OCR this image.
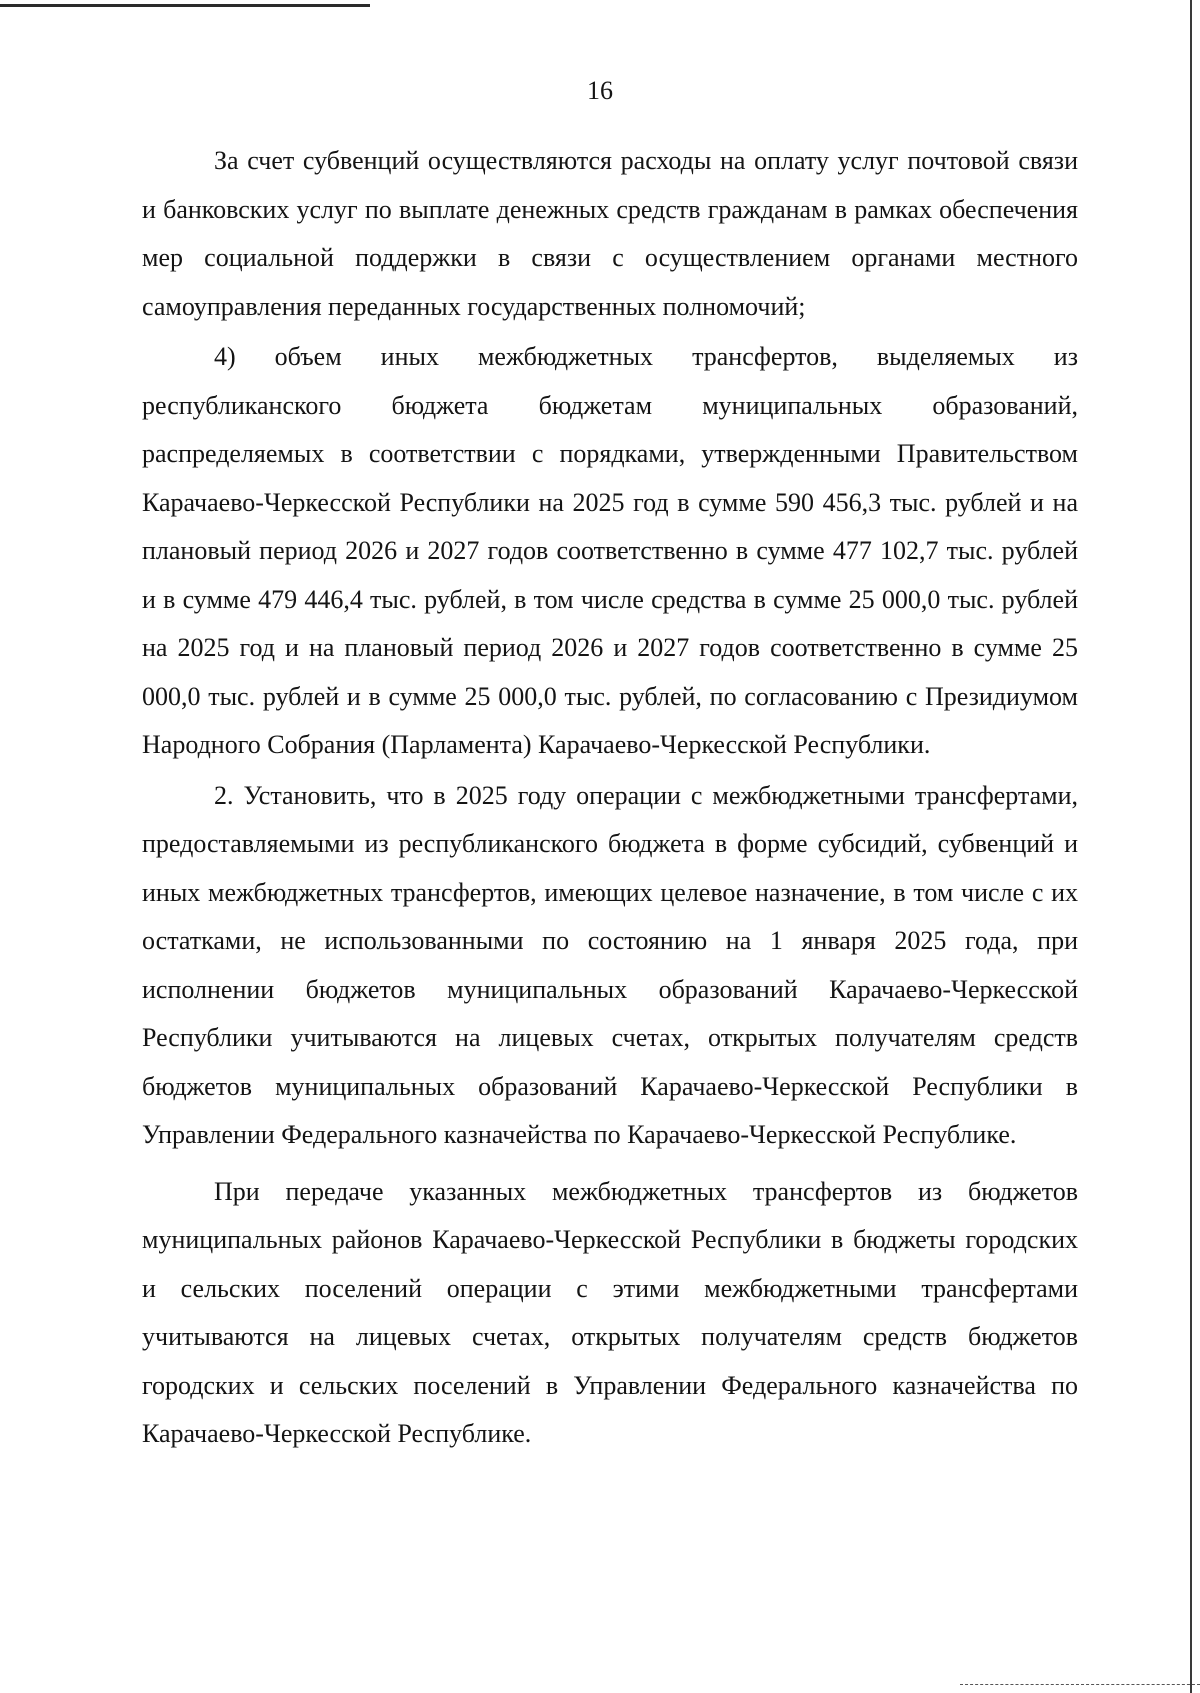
16

За счет субвенций осуществляются расходы на оплату услуг почтовой связи и банковских услуг по выплате денежных средств гражданам в рамках обеспечения мер социальной поддержки в связи с осуществлением органами местного самоуправления переданных государственных полномочий;

4) объем иных межбюджетных трансфертов, выделяемых из республиканского бюджета бюджетам муниципальных образований, распределяемых в соответствии с порядками, утвержденными Правительством Карачаево-Черкесской Республики на 2025 год в сумме 590 456,3 тыс. рублей и на плановый период 2026 и 2027 годов соответственно в сумме 477 102,7 тыс. рублей и в сумме 479 446,4 тыс. рублей, в том числе средства в сумме 25 000,0 тыс. рублей на 2025 год и на плановый период 2026 и 2027 годов соответственно в сумме 25 000,0 тыс. рублей и в сумме 25 000,0 тыс. рублей, по согласованию с Президиумом Народного Собрания (Парламента) Карачаево-Черкесской Республики.

2. Установить, что в 2025 году операции с межбюджетными трансфертами, предоставляемыми из республиканского бюджета в форме субсидий, субвенций и иных межбюджетных трансфертов, имеющих целевое назначение, в том числе с их остатками, не использованными по состоянию на 1 января 2025 года, при исполнении бюджетов муниципальных образований Карачаево-Черкесской Республики учитываются на лицевых счетах, открытых получателям средств бюджетов муниципальных образований Карачаево-Черкесской Республики в Управлении Федерального казначейства по Карачаево-Черкесской Республике.

При передаче указанных межбюджетных трансфертов из бюджетов муниципальных районов Карачаево-Черкесской Республики в бюджеты городских и сельских поселений операции с этими межбюджетными трансфертами учитываются на лицевых счетах, открытых получателям средств бюджетов городских и сельских поселений в Управлении Федерального казначейства по Карачаево-Черкесской Республике.
